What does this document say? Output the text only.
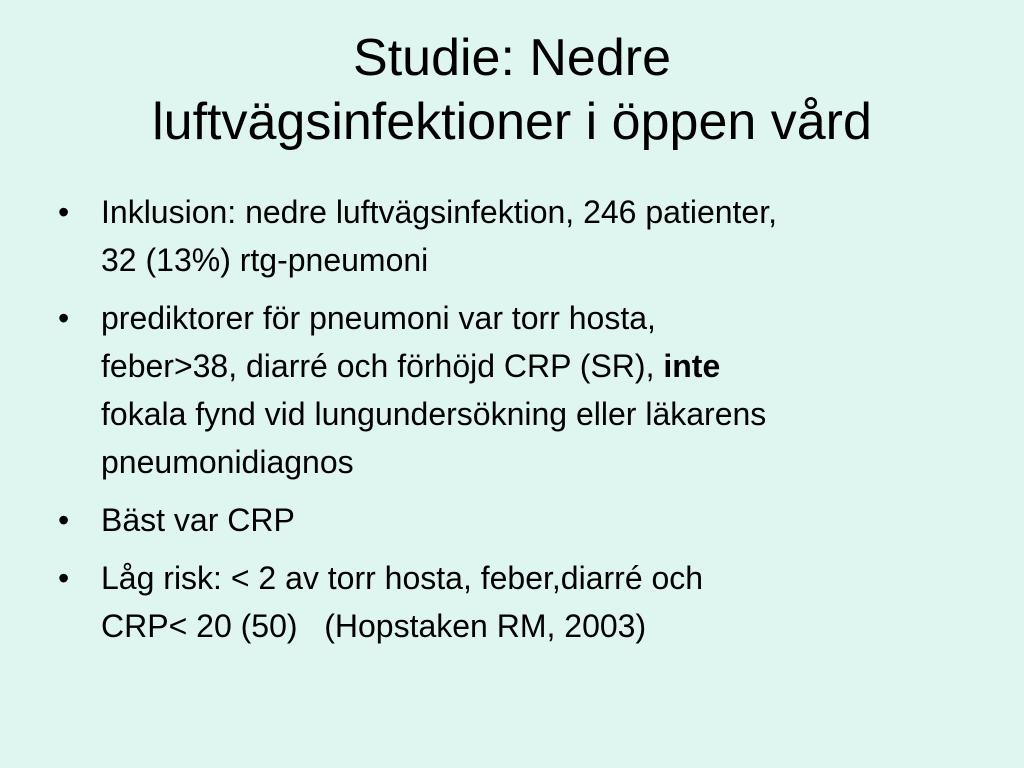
Studie: Nedre
luftvägsinfektioner i öppen vård
• Inklusion: nedre luftvägsinfektion, 246 patienter,
32 (13%) rtg-pneumoni
• prediktorer för pneumoni var torr hosta,
feber>38, diarré och förhöjd CRP (SR), inte
fokala fynd vid lungundersökning eller läkarens
pneumonidiagnos
• Bäst var CRP
• Låg risk: < 2 av torr hosta, feber,diarré och
CRP< 20 (50) (Hopstaken RM, 2003)
